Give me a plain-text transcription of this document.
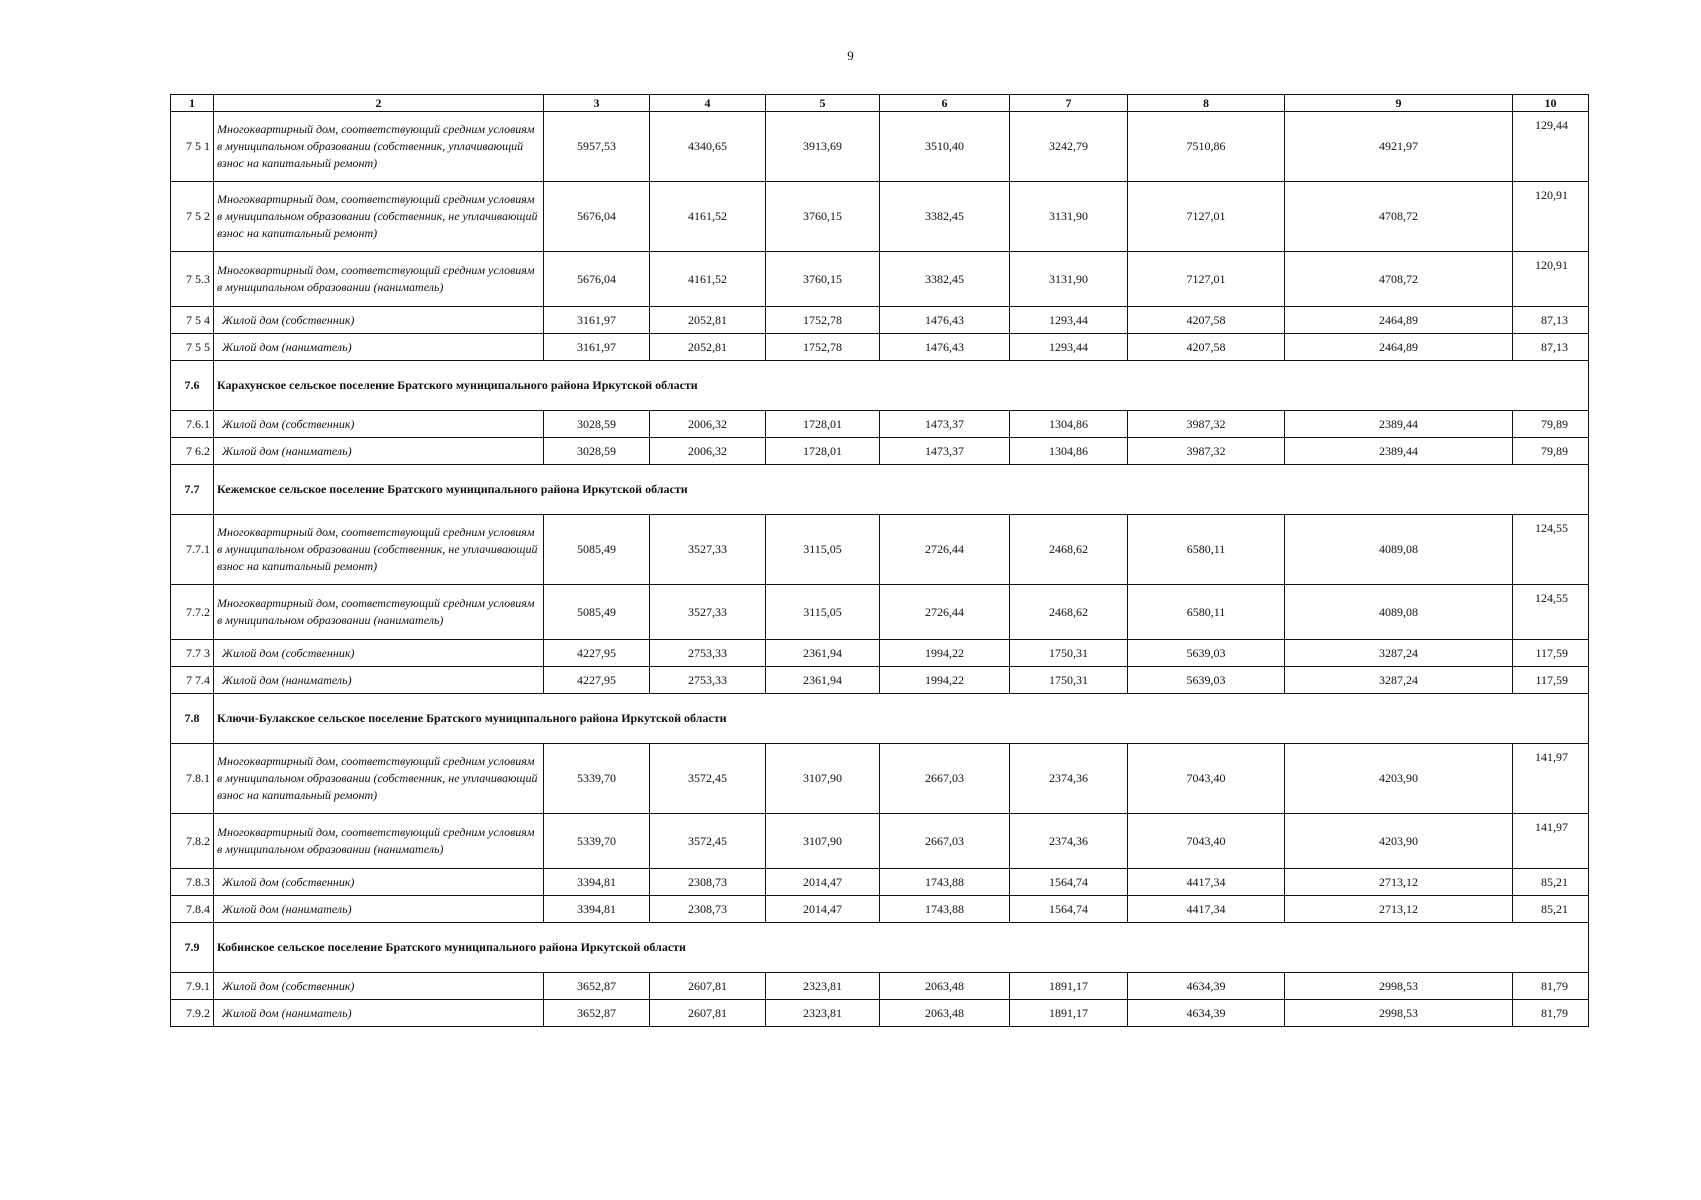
9
1	2	3	4	5	6	7	8	9	10
7 5 1	Многоквартирный дом, соответствующий средним условиям в муниципальном образовании (собственник, уплачивающий взнос на капитальный ремонт)	5957,53	4340,65	3913,69	3510,40	3242,79	7510,86	4921,97	129,44
7 5 2	Многоквартирный дом, соответствующий средним условиям в муниципальном образовании (собственник, не уплачивающий взнос на капитальный ремонт)	5676,04	4161,52	3760,15	3382,45	3131,90	7127,01	4708,72	120,91
7 5.3	Многоквартирный дом, соответствующий средним условиям в муниципальном образовании (наниматель)	5676,04	4161,52	3760,15	3382,45	3131,90	7127,01	4708,72	120,91
7 5 4	Жилой дом (собственник)	3161,97	2052,81	1752,78	1476,43	1293,44	4207,58	2464,89	87,13
7 5 5	Жилой дом (наниматель)	3161,97	2052,81	1752,78	1476,43	1293,44	4207,58	2464,89	87,13
7.6	Карахунское сельское поселение Братского муниципального района Иркутской области								
7.6.1	Жилой дом (собственник)	3028,59	2006,32	1728,01	1473,37	1304,86	3987,32	2389,44	79,89
7 6.2	Жилой дом (наниматель)	3028,59	2006,32	1728,01	1473,37	1304,86	3987,32	2389,44	79,89
7.7	Кежемское сельское поселение Братского муниципального района Иркутской области								
7.7.1	Многоквартирный дом, соответствующий средним условиям в муниципальном образовании (собственник, не уплачивающий взнос на капитальный ремонт)	5085,49	3527,33	3115,05	2726,44	2468,62	6580,11	4089,08	124,55
7.7.2	Многоквартирный дом, соответствующий средним условиям в муниципальном образовании (наниматель)	5085,49	3527,33	3115,05	2726,44	2468,62	6580,11	4089,08	124,55
7.7 3	Жилой дом (собственник)	4227,95	2753,33	2361,94	1994,22	1750,31	5639,03	3287,24	117,59
7 7.4	Жилой дом (наниматель)	4227,95	2753,33	2361,94	1994,22	1750,31	5639,03	3287,24	117,59
7.8	Ключи-Булакское сельское поселение Братского муниципального района Иркутской области								
7.8.1	Многоквартирный дом, соответствующий средним условиям в муниципальном образовании (собственник, не уплачивающий взнос на капитальный ремонт)	5339,70	3572,45	3107,90	2667,03	2374,36	7043,40	4203,90	141,97
7.8.2	Многоквартирный дом, соответствующий средним условиям в муниципальном образовании (наниматель)	5339,70	3572,45	3107,90	2667,03	2374,36	7043,40	4203,90	141,97
7.8.3	Жилой дом (собственник)	3394,81	2308,73	2014,47	1743,88	1564,74	4417,34	2713,12	85,21
7.8.4	Жилой дом (наниматель)	3394,81	2308,73	2014,47	1743,88	1564,74	4417,34	2713,12	85,21
7.9	Кобинское сельское поселение Братского муниципального района Иркутской области								
7.9.1	Жилой дом (собственник)	3652,87	2607,81	2323,81	2063,48	1891,17	4634,39	2998,53	81,79
7.9.2	Жилой дом (наниматель)	3652,87	2607,81	2323,81	2063,48	1891,17	4634,39	2998,53	81,79
